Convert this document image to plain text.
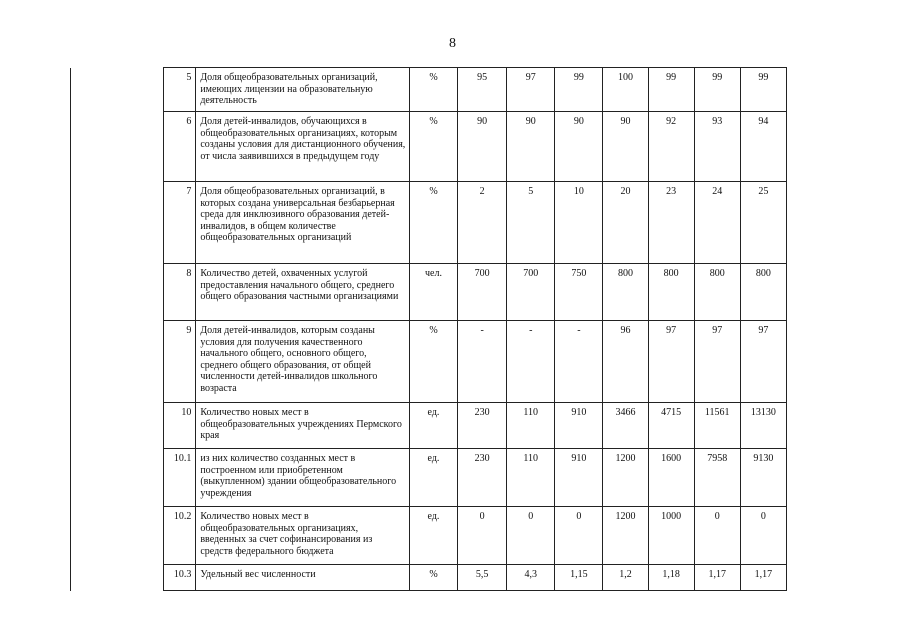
8
	5	Доля общеобразовательных организаций, имеющих лицензии на образовательную деятельность	%	95	97	99	100	99	99	99
	6	Доля детей-инвалидов, обучающихся в общеобразовательных организациях, которым созданы условия для дистанционного обучения, от числа заявившихся в предыдущем году	%	90	90	90	90	92	93	94
	7	Доля общеобразовательных организаций, в которых создана универсальная безбарьерная среда для инклюзивного образования детей-инвалидов, в общем количестве общеобразовательных организаций	%	2	5	10	20	23	24	25
	8	Количество детей, охваченных услугой предоставления начального общего, среднего общего образования частными организациями	чел.	700	700	750	800	800	800	800
	9	Доля детей-инвалидов, которым созданы условия для получения качественного начального общего, основного общего, среднего общего образования, от общей численности детей-инвалидов школьного возраста	%	-	-	-	96	97	97	97
	10	Количество новых мест в общеобразовательных учреждениях Пермского края	ед.	230	110	910	3466	4715	11561	13130
	10.1	из них количество созданных мест в построенном или приобретенном (выкупленном) здании общеобразовательного учреждения	ед.	230	110	910	1200	1600	7958	9130
	10.2	Количество новых мест в общеобразовательных организациях, введенных за счет софинансирования из средств федерального бюджета	ед.	0	0	0	1200	1000	0	0
	10.3	Удельный вес численности	%	5,5	4,3	1,15	1,2	1,18	1,17	1,17
